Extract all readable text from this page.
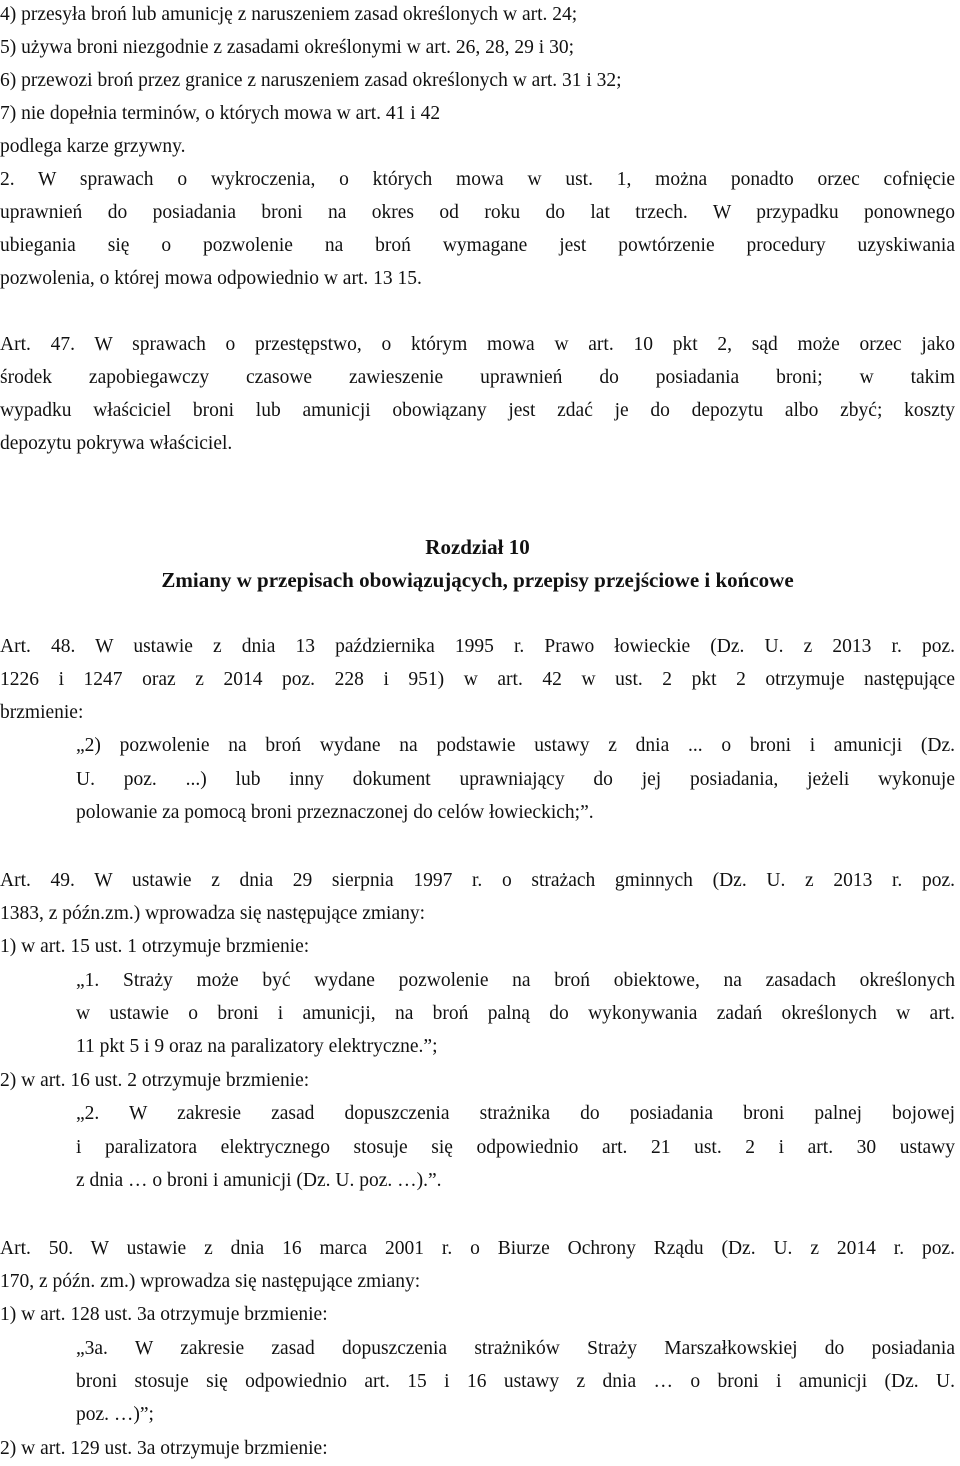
4) przesyła broń lub amunicję z naruszeniem zasad określonych w art. 24;
5) używa broni niezgodnie z zasadami określonymi w art. 26, 28, 29 i 30;
6) przewozi broń przez granice z naruszeniem zasad określonych w art. 31 i 32;
7) nie dopełnia terminów, o których mowa w art. 41 i 42
podlega karze grzywny.
2. W sprawach o wykroczenia, o których mowa w ust. 1, można ponadto orzec cofnięcie
uprawnień do posiadania broni na okres od roku do lat trzech. W przypadku ponownego
ubiegania się o pozwolenie na broń wymagane jest powtórzenie procedury uzyskiwania
pozwolenia, o której mowa odpowiednio w art. 13 15.
Art. 47. W sprawach o przestępstwo, o którym mowa w art. 10 pkt 2, sąd może orzec jako
środek zapobiegawczy czasowe zawieszenie uprawnień do posiadania broni; w takim
wypadku właściciel broni lub amunicji obowiązany jest zdać je do depozytu albo zbyć; koszty
depozytu pokrywa właściciel.
Rozdział 10
Zmiany w przepisach obowiązujących, przepisy przejściowe i końcowe
Art. 48. W ustawie z dnia 13 października 1995 r. Prawo łowieckie (Dz. U. z 2013 r. poz.
1226 i 1247 oraz z 2014 poz. 228 i 951) w art. 42 w ust. 2 pkt 2 otrzymuje następujące
brzmienie:
„2) pozwolenie na broń wydane na podstawie ustawy z dnia ... o broni i amunicji (Dz.
U. poz. ...) lub inny dokument uprawniający do jej posiadania, jeżeli wykonuje
polowanie za pomocą broni przeznaczonej do celów łowieckich;”.
Art. 49. W ustawie z dnia 29 sierpnia 1997 r. o strażach gminnych (Dz. U. z 2013 r. poz.
1383, z późn.zm.) wprowadza się następujące zmiany:
1) w art. 15 ust. 1 otrzymuje brzmienie:
„1. Straży może być wydane pozwolenie na broń obiektowe, na zasadach określonych
w ustawie o broni i amunicji, na broń palną do wykonywania zadań określonych w art.
11 pkt 5 i 9 oraz na paralizatory elektryczne.”;
2) w art. 16 ust. 2 otrzymuje brzmienie:
„2. W zakresie zasad dopuszczenia strażnika do posiadania broni palnej bojowej
i paralizatora elektrycznego stosuje się odpowiednio art. 21 ust. 2 i art. 30 ustawy
z dnia … o broni i amunicji (Dz. U. poz. …).”.
Art. 50. W ustawie z dnia 16 marca 2001 r. o Biurze Ochrony Rządu (Dz. U. z 2014 r. poz.
170, z późn. zm.) wprowadza się następujące zmiany:
1) w art. 128 ust. 3a otrzymuje brzmienie:
„3a. W zakresie zasad dopuszczenia strażników Straży Marszałkowskiej do posiadania
broni stosuje się odpowiednio art. 15 i 16 ustawy z dnia … o broni i amunicji (Dz. U.
poz. …)”;
2) w art. 129 ust. 3a otrzymuje brzmienie:
